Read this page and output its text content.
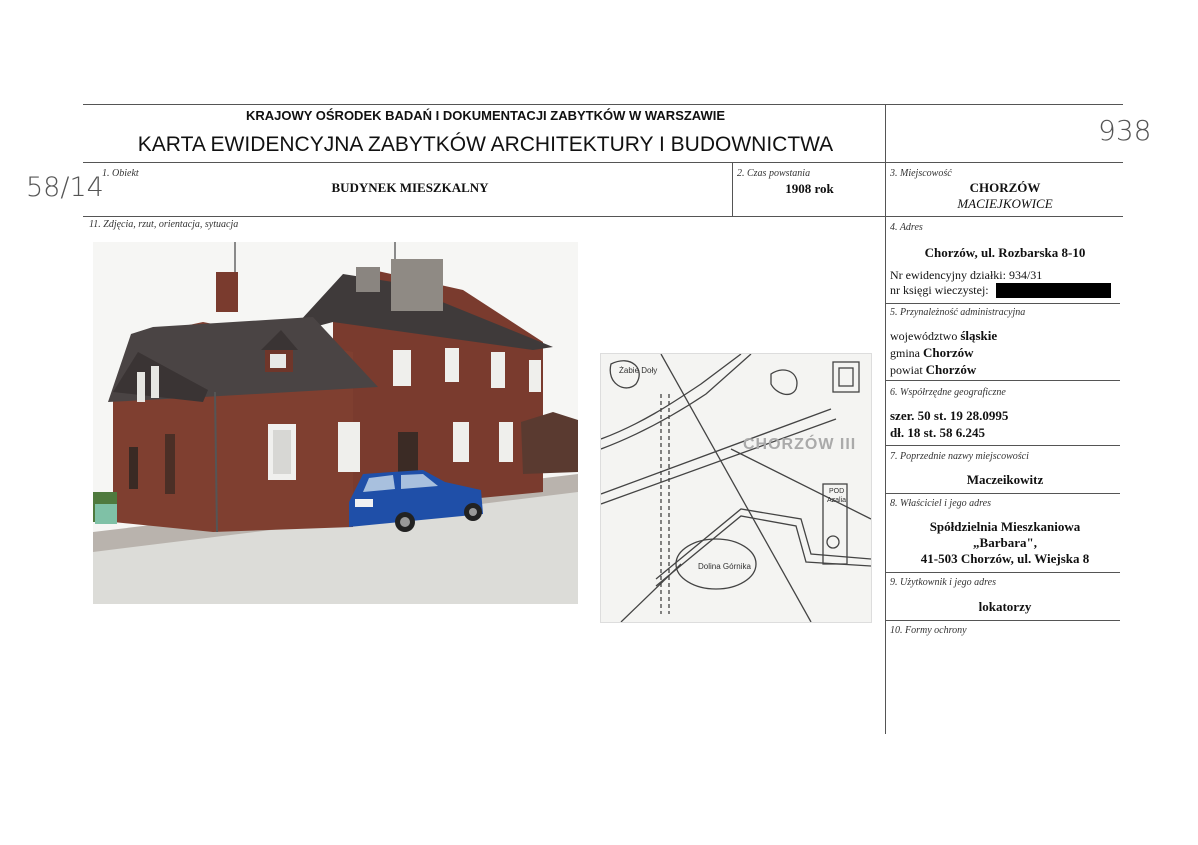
KRAJOWY OŚRODEK BADAŃ I DOKUMENTACJI ZABYTKÓW W WARSZAWIE
KARTA EWIDENCYJNA ZABYTKÓW ARCHITEKTURY I BUDOWNICTWA	938
58/14
1. Obiekt
BUDYNEK MIESZKALNY
2. Czas powstania
1908 rok
3. Miejscowość
CHORZÓW
MACIEJKOWICE
11. Zdjęcia, rzut, orientacja, sytuacja	4. Adres
Chorzów, ul. Rozbarska 8-10
Nr ewidencyjny działki: 934/31
nr księgi wieczystej:
5. Przynależność administracyjna
województwo śląskie
gmina Chorzów
powiat Chorzów
6. Współrzędne geograficzne
szer. 50 st. 19 28.0995
dł. 18 st. 58 6.245
7. Poprzednie nazwy miejscowości
Maczeikowitz
8. Właściciel i jego adres
Spółdzielnia Mieszkaniowa
„Barbara",
41-503 Chorzów, ul. Wiejska 8
9. Użytkownik i jego adres
lokatorzy
10. Formy ochrony
CHORZÓW III
Żabie Doły
Dolina Górnika
POD
Azalia
